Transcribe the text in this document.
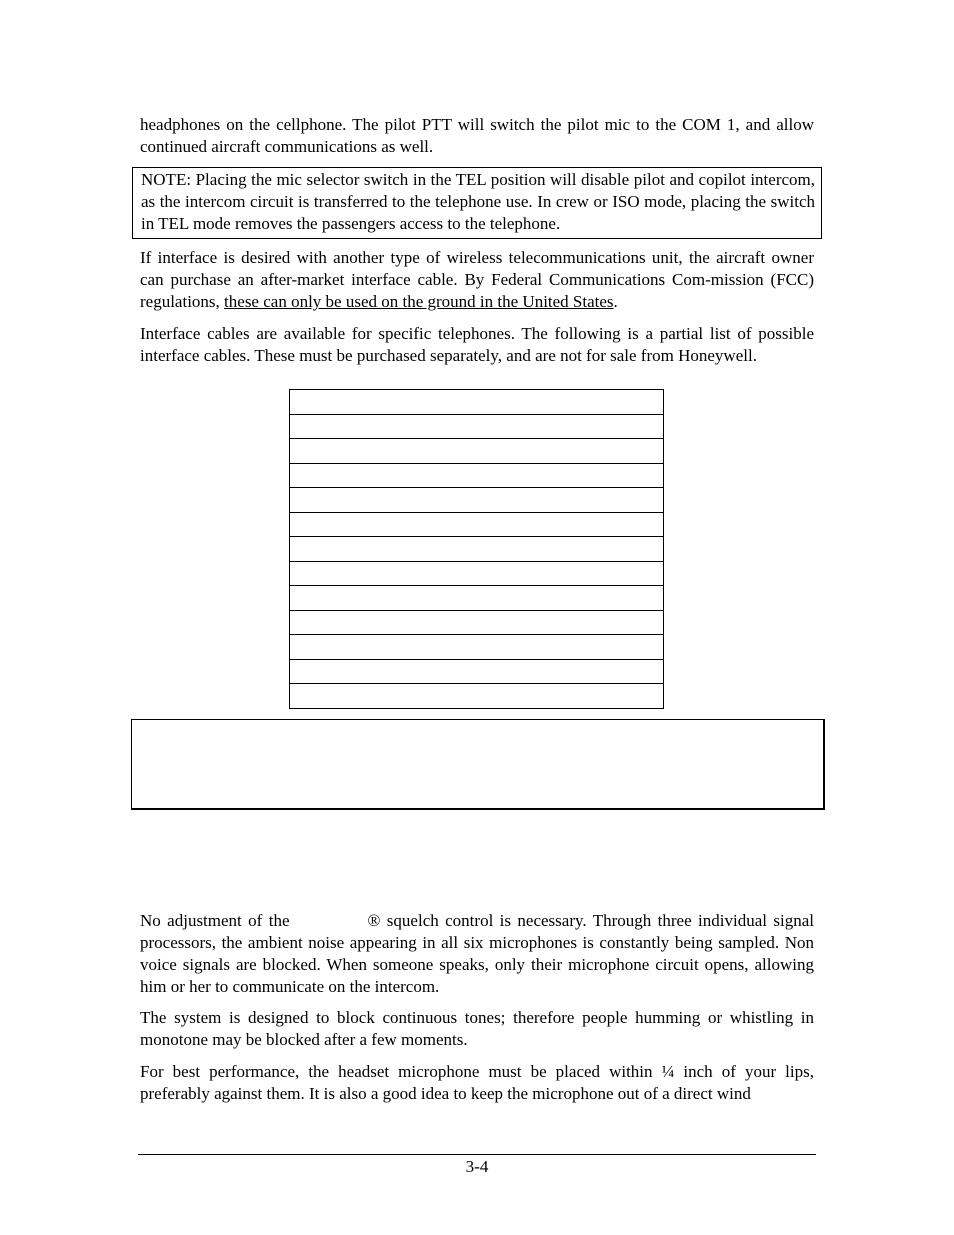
headphones on the cellphone. The pilot PTT will switch the pilot mic to the COM 1, and allow continued aircraft communications as well.

NOTE: Placing the mic selector switch in the TEL position will disable pilot and copilot intercom, as the intercom circuit is transferred to the telephone use. In crew or ISO mode, placing the switch in TEL mode removes the passengers access to the telephone.

If interface is desired with another type of wireless telecommunications unit, the aircraft owner can purchase an after-market interface cable. By Federal Communications Com-mission (FCC) regulations, these can only be used on the ground in the United States.

Interface cables are available for specific telephones. The following is a partial list of possible interface cables. These must be purchased separately, and are not for sale from Honeywell.

No adjustment of the	® squelch control is necessary. Through three individual signal processors, the ambient noise appearing in all six microphones is constantly being sampled. Non voice signals are blocked. When someone speaks, only their microphone circuit opens, allowing him or her to communicate on the intercom.

The system is designed to block continuous tones; therefore people humming or whistling in monotone may be blocked after a few moments.

For best performance, the headset microphone must be placed within ¼ inch of your lips, preferably against them. It is also a good idea to keep the microphone out of a direct wind

3-4
